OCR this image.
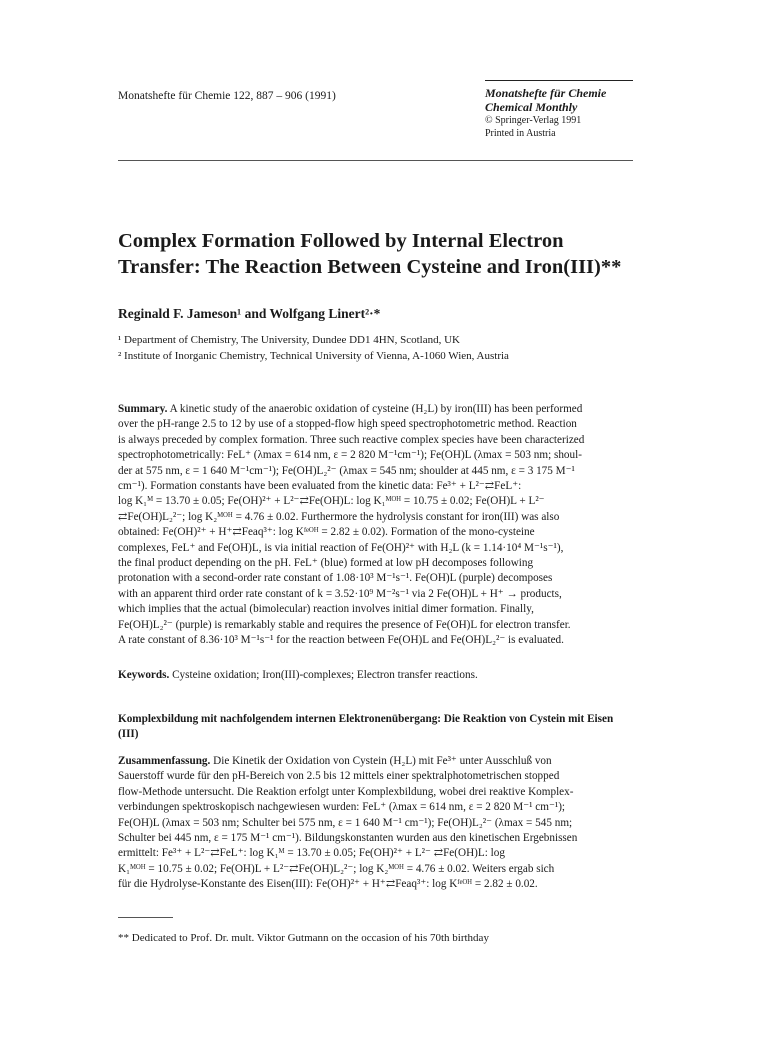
Monatshefte für Chemie 122, 887 – 906 (1991)	Monatshefte für Chemie
Chemical Monthly
© Springer-Verlag 1991
Printed in Austria
Complex Formation Followed by Internal Electron
Transfer: The Reaction Between Cysteine and Iron(III)**
Reginald F. Jameson¹ and Wolfgang Linert²·*
¹ Department of Chemistry, The University, Dundee DD1 4HN, Scotland, UK
² Institute of Inorganic Chemistry, Technical University of Vienna, A-1060 Wien, Austria
Summary. A kinetic study of the anaerobic oxidation of cysteine (H₂L) by iron(III) has been performed
over the pH-range 2.5 to 12 by use of a stopped-flow high speed spectrophotometric method. Reaction
is always preceded by complex formation. Three such reactive complex species have been characterized
spectrophotometrically: FeL⁺ (λmax = 614 nm, ε = 2 820 M⁻¹cm⁻¹); Fe(OH)L (λmax = 503 nm; shoul-
der at 575 nm, ε = 1 640 M⁻¹cm⁻¹); Fe(OH)L₂²⁻ (λmax = 545 nm; shoulder at 445 nm, ε = 3 175 M⁻¹
cm⁻¹). Formation constants have been evaluated from the kinetic data: Fe³⁺ + L²⁻⇄FeL⁺:
log K₁ᴹ = 13.70 ± 0.05; Fe(OH)²⁺ + L²⁻⇄Fe(OH)L: log K₁ᴹᴼᴴ = 10.75 ± 0.02; Fe(OH)L + L²⁻
⇄Fe(OH)L₂²⁻; log K₂ᴹᴼᴴ = 4.76 ± 0.02. Furthermore the hydrolysis constant for iron(III) was also
obtained: Fe(OH)²⁺ + H⁺⇄Feaq³⁺: log Kᶠᵉᴼᴴ = 2.82 ± 0.02). Formation of the mono-cysteine
complexes, FeL⁺ and Fe(OH)L, is via initial reaction of Fe(OH)²⁺ with H₂L (k = 1.14·10⁴ M⁻¹s⁻¹),
the final product depending on the pH. FeL⁺ (blue) formed at low pH decomposes following
protonation with a second-order rate constant of 1.08·10³ M⁻¹s⁻¹. Fe(OH)L (purple) decomposes
with an apparent third order rate constant of k = 3.52·10⁹ M⁻²s⁻¹ via 2 Fe(OH)L + H⁺ → products,
which implies that the actual (bimolecular) reaction involves initial dimer formation. Finally,
Fe(OH)L₂²⁻ (purple) is remarkably stable and requires the presence of Fe(OH)L for electron transfer.
A rate constant of 8.36·10³ M⁻¹s⁻¹ for the reaction between Fe(OH)L and Fe(OH)L₂²⁻ is evaluated.
Keywords. Cysteine oxidation; Iron(III)-complexes; Electron transfer reactions.
Komplexbildung mit nachfolgendem internen Elektronenübergang: Die Reaktion von Cystein mit Eisen
(III)
Zusammenfassung. Die Kinetik der Oxidation von Cystein (H₂L) mit Fe³⁺ unter Ausschluß von
Sauerstoff wurde für den pH-Bereich von 2.5 bis 12 mittels einer spektralphotometrischen stopped
flow-Methode untersucht. Die Reaktion erfolgt unter Komplexbildung, wobei drei reaktive Komplex-
verbindungen spektroskopisch nachgewiesen wurden: FeL⁺ (λmax = 614 nm, ε = 2 820 M⁻¹ cm⁻¹);
Fe(OH)L (λmax = 503 nm; Schulter bei 575 nm, ε = 1 640 M⁻¹ cm⁻¹); Fe(OH)L₂²⁻ (λmax = 545 nm;
Schulter bei 445 nm, ε = 175 M⁻¹ cm⁻¹). Bildungskonstanten wurden aus den kinetischen Ergebnissen
ermittelt: Fe³⁺ + L²⁻⇄FeL⁺: log K₁ᴹ = 13.70 ± 0.05; Fe(OH)²⁺ + L²⁻ ⇄Fe(OH)L: log
K₁ᴹᴼᴴ = 10.75 ± 0.02; Fe(OH)L + L²⁻⇄Fe(OH)L₂²⁻; log K₂ᴹᴼᴴ = 4.76 ± 0.02. Weiters ergab sich
für die Hydrolyse-Konstante des Eisen(III): Fe(OH)²⁺ + H⁺⇄Feaq³⁺: log Kᶠᵉᴼᴴ = 2.82 ± 0.02.
** Dedicated to Prof. Dr. mult. Viktor Gutmann on the occasion of his 70th birthday
